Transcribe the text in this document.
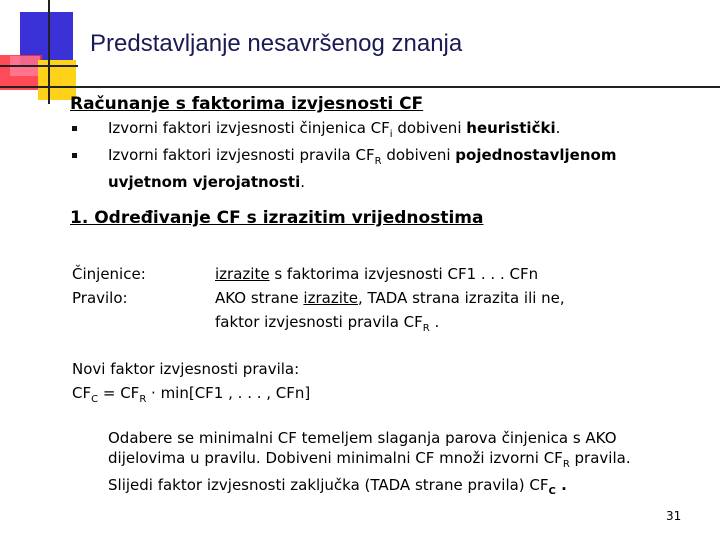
Predstavljanje nesavršenog znanja
Računanje s faktorima izvjesnosti CF
Izvorni faktori izvjesnosti činjenica $CF_i$ dobiveni heuristički.
Izvorni faktori izvjesnosti pravila $CF_R$ dobiveni pojednostavljenom uvjetnom vjerojatnosti.
1. Određivanje CF s izrazitim vrijednostima
Činjenice:
Pravilo:
izrazite s faktorima izvjesnosti CF1 . . . CFn
AKO strane izrazite, TADA strana izrazita ili ne,
faktor izvjesnosti pravila $CF_R$ .
Novi faktor izvjesnosti pravila:
$CF_C = CF_R \cdot \min[CF1$ , . . . , CFn]
Odabere se minimalni CF temeljem slaganja parova činjenica s AKO dijelovima u pravilu. Dobiveni minimalni CF množi izvorni $CF_R$ pravila. Slijedi faktor izvjesnosti zaključka (TADA strane pravila) $CF_C$ .
31
